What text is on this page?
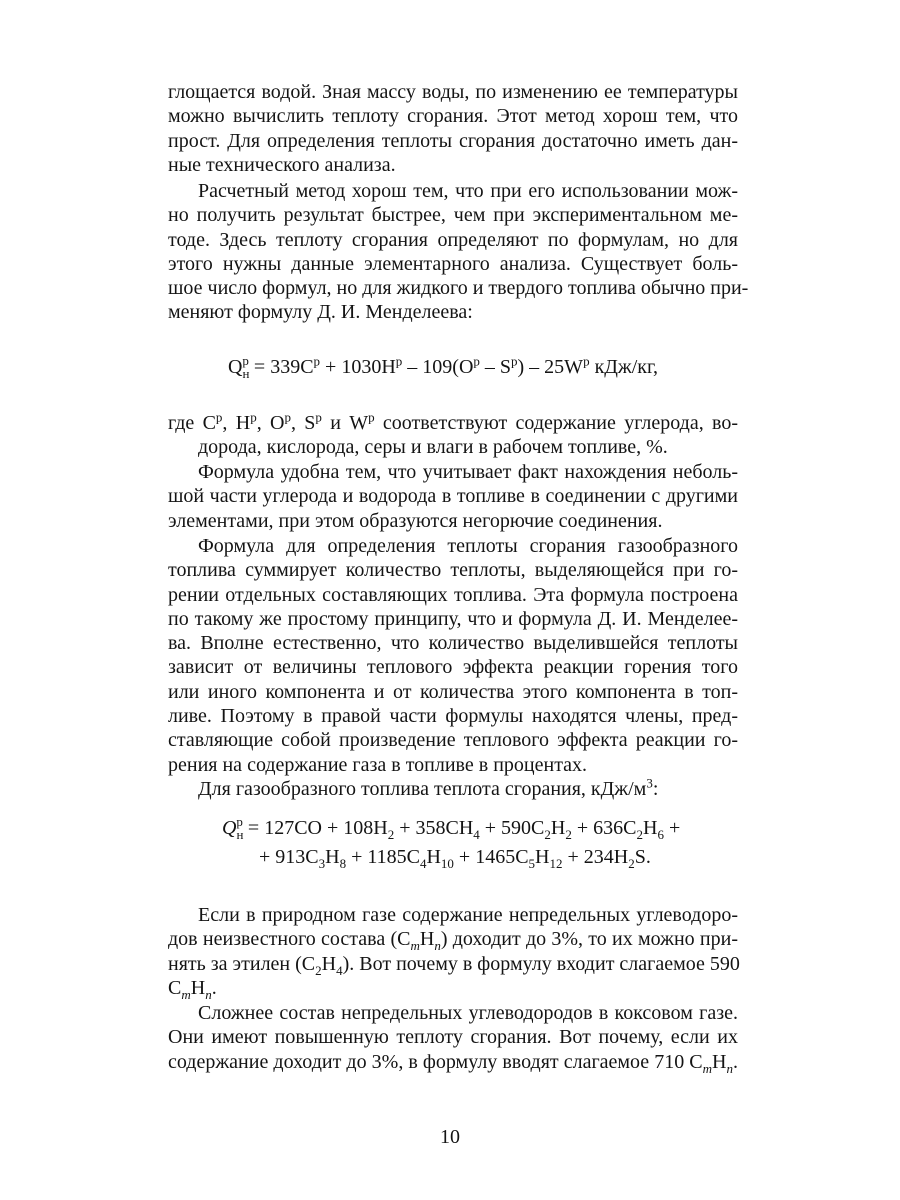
глощается водой. Зная массу воды, по изменению ее температуры
можно вычислить теплоту сгорания. Этот метод хорош тем, что
прост. Для определения теплоты сгорания достаточно иметь дан-
ные технического анализа.
Расчетный метод хорош тем, что при его использовании мож-
но получить результат быстрее, чем при экспериментальном ме-
тоде. Здесь теплоту сгорания определяют по формулам, но для
этого нужны данные элементарного анализа. Существует боль-
шое число формул, но для жидкого и твердого топлива обычно при-
меняют формулу Д. И. Менделеева:
$Q_н^р = 339C^р + 1030H^р - 109(O^р - S^р) - 25W^р$ кДж/кг,
где $C^р$, $H^р$, $O^р$, $S^р$ и $W^р$ соответствуют содержание углерода, во-
дорода, кислорода, серы и влаги в рабочем топливе, %.
Формула удобна тем, что учитывает факт нахождения неболь-
шой части углерода и водорода в топливе в соединении с другими
элементами, при этом образуются негорючие соединения.
Формула для определения теплоты сгорания газообразного
топлива суммирует количество теплоты, выделяющейся при го-
рении отдельных составляющих топлива. Эта формула построена
по такому же простому принципу, что и формула Д. И. Менделее-
ва. Вполне естественно, что количество выделившейся теплоты
зависит от величины теплового эффекта реакции горения того
или иного компонента и от количества этого компонента в топ-
ливе. Поэтому в правой части формулы находятся члены, пред-
ставляющие собой произведение теплового эффекта реакции го-
рения на содержание газа в топливе в процентах.
Для газообразного топлива теплота сгорания, кДж/$м^3$:
$Q_н^р = 127CO + 108H_2 + 358CH_4 + 590C_2H_2 + 636C_2H_6$ +
+ $913C_3H_8 + 1185C_4H_{10} + 1465C_5H_{12} + 234H_2S$.
Если в природном газе содержание непредельных углеводоро-
дов неизвестного состава $(C_mH_n)$ доходит до 3%, то их можно при-
нять за этилен $(C_2H_4)$. Вот почему в формулу входит слагаемое 590
$C_mH_n$.
Сложнее состав непредельных углеводородов в коксовом газе.
Они имеют повышенную теплоту сгорания. Вот почему, если их
содержание доходит до 3%, в формулу вводят слагаемое 710 $C_mH_n$.
10
